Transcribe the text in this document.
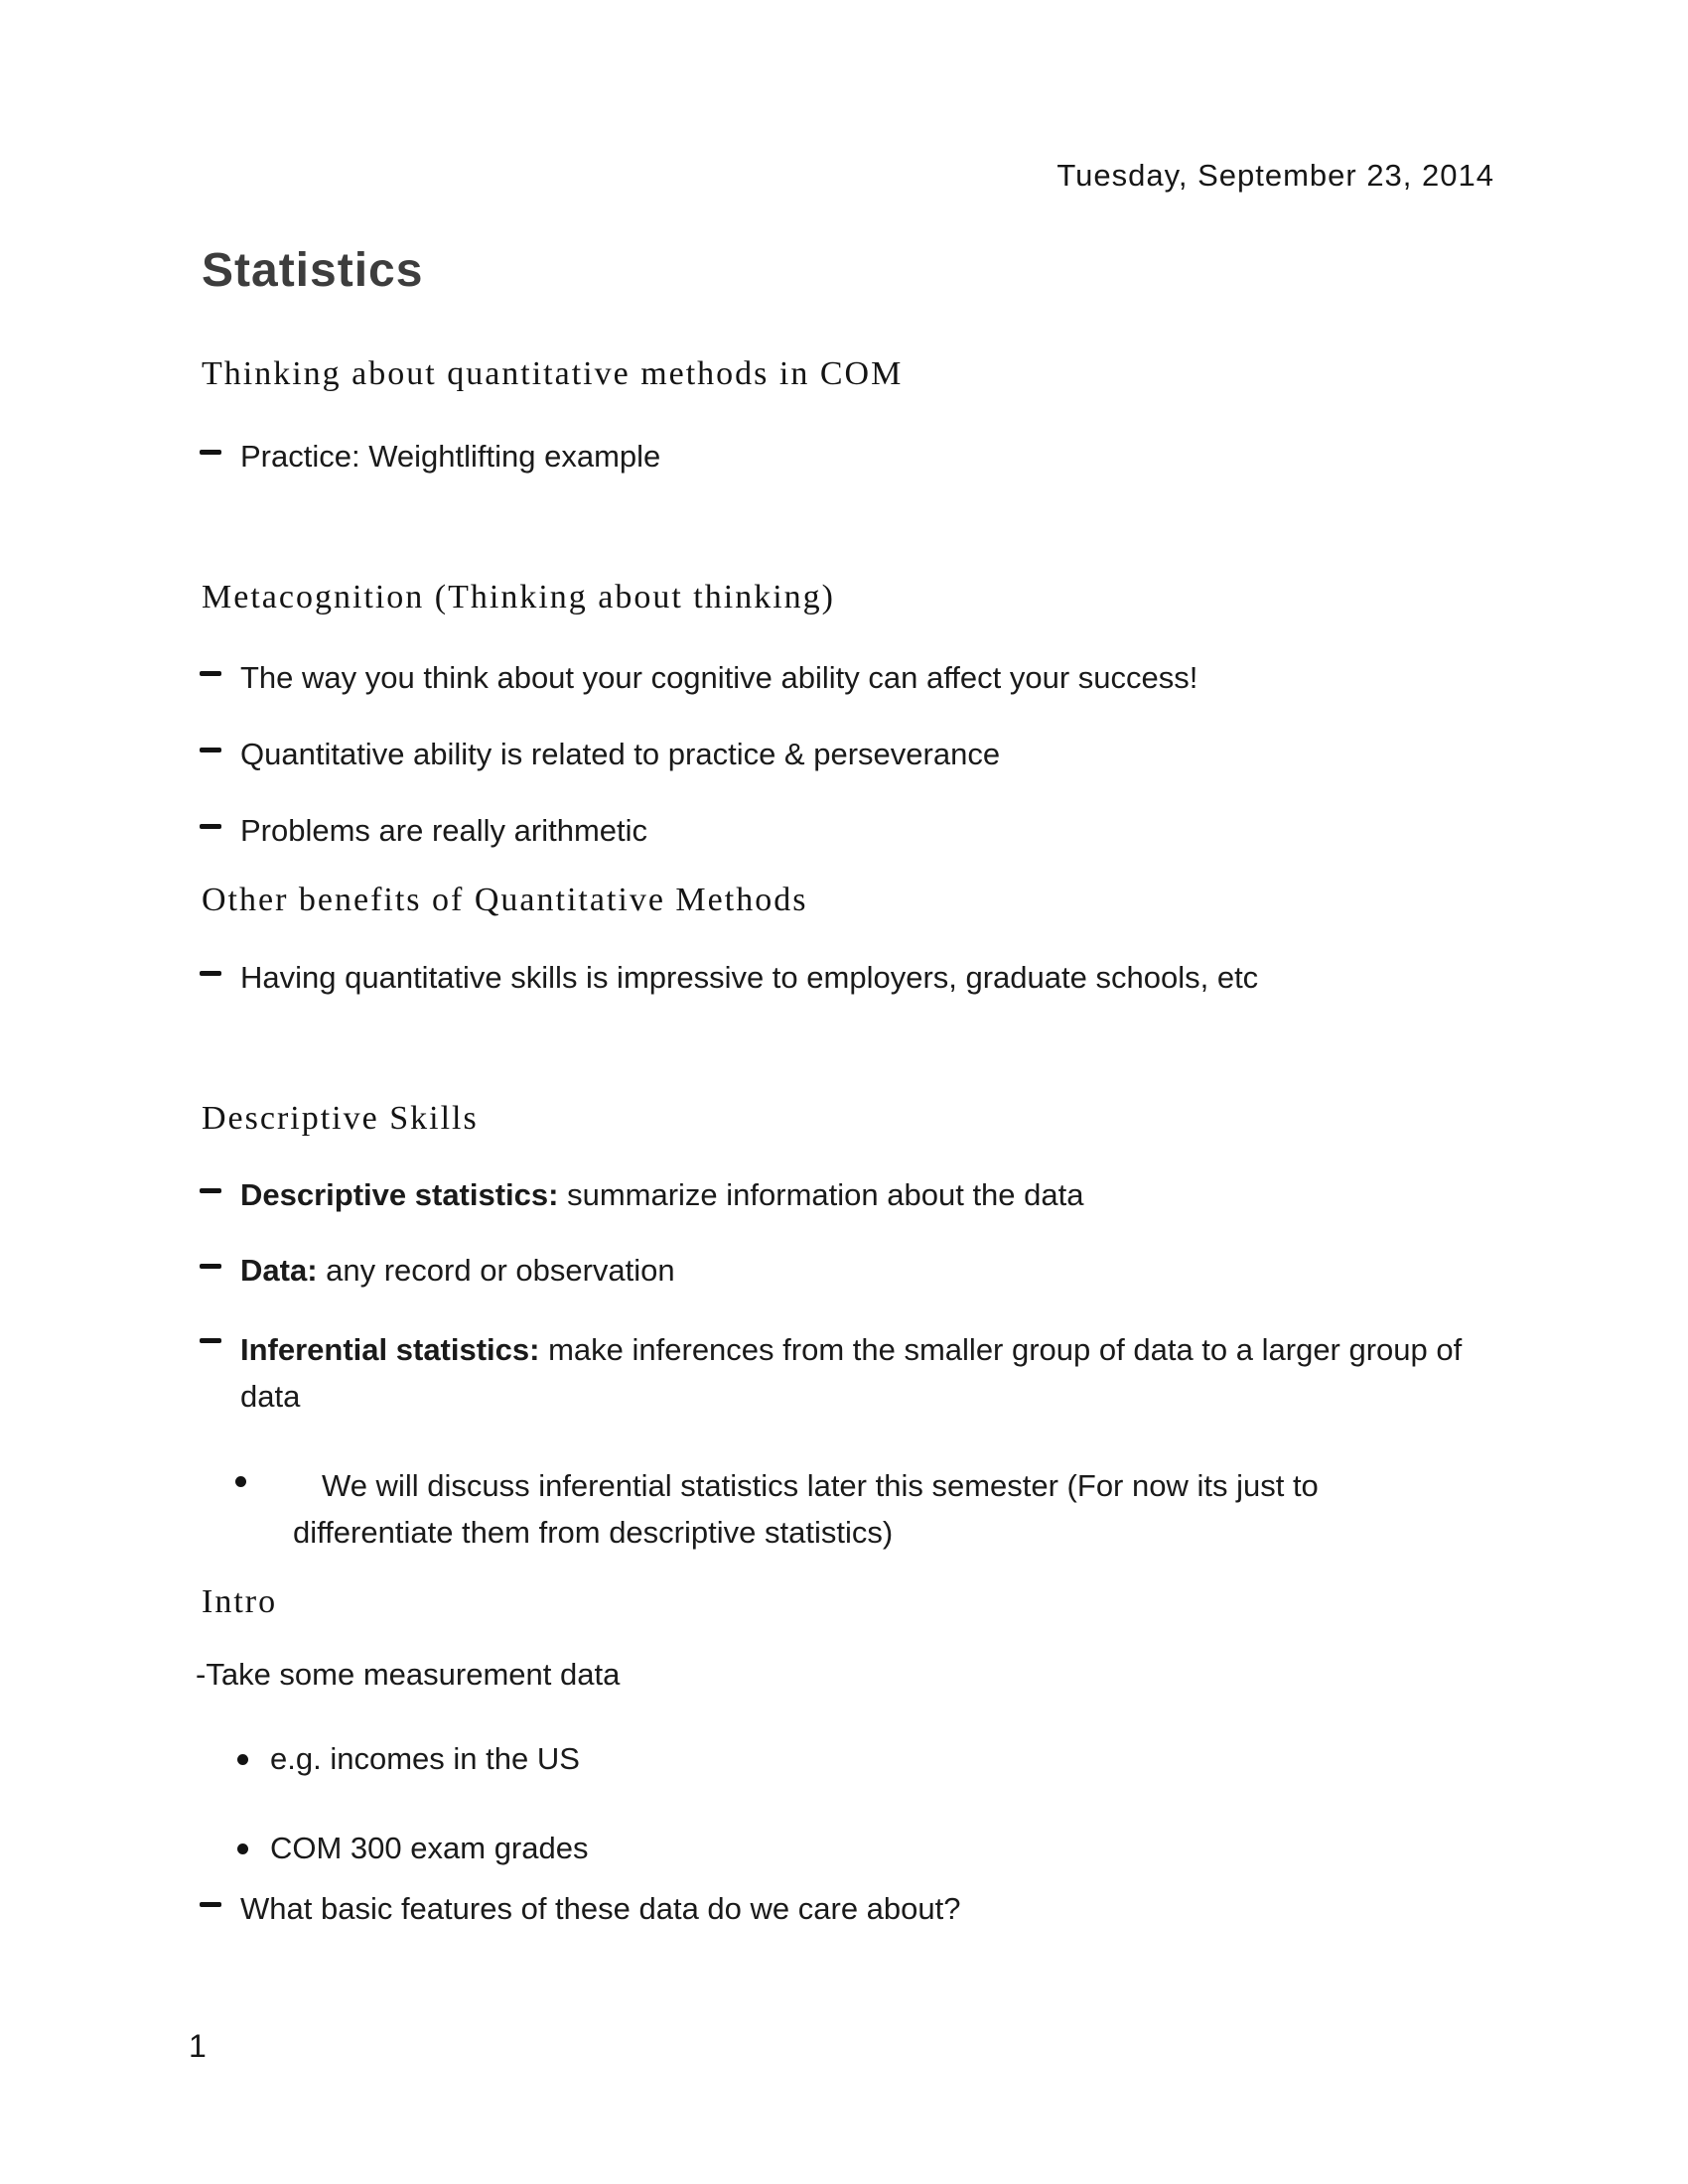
Tuesday, September 23, 2014
Statistics
Thinking about quantitative methods in COM
Practice: Weightlifting example
Metacognition (Thinking about thinking)
The way you think about your cognitive ability can affect your success!
Quantitative ability is related to practice & perseverance
Problems are really arithmetic
Other benefits of Quantitative Methods
Having quantitative skills is impressive to employers, graduate schools, etc
Descriptive Skills
Descriptive statistics: summarize information about the data
Data: any record or observation
Inferential statistics: make inferences from the smaller group of data to a larger group of data
We will discuss inferential statistics later this semester (For now its just to differentiate them from descriptive statistics)
Intro
-Take some measurement data
e.g. incomes in the US
COM 300 exam grades
What basic features of these data do we care about?
1
